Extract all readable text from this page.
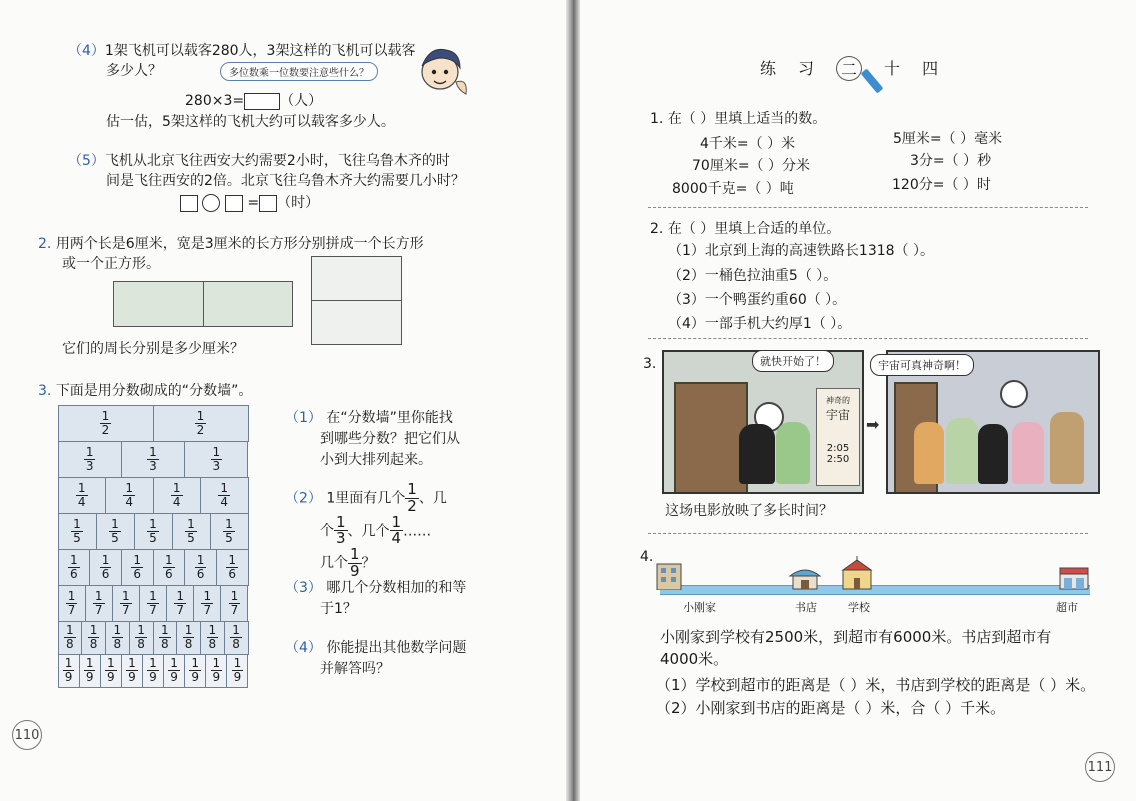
（4）1架飞机可以载客280人，3架这样的飞机可以载客
多少人？	多位数乘一位数要注意些什么？
280×3=	（人）
估一估，5架这样的飞机大约可以载客多少人。
（5）飞机从北京飞往西安大约需要2小时，飞往乌鲁木齐的时
间是飞往西安的2倍。北京飞往乌鲁木齐大约需要几小时？
= （时）
2. 用两个长是6厘米，宽是3厘米的长方形分别拼成一个长方形
或一个正方形。
它们的周长分别是多少厘米？
3. 下面是用分数砌成的“分数墙”。
$\frac{1}{2}$	$\frac{1}{2}$
$\frac{1}{3}$	$\frac{1}{3}$	$\frac{1}{3}$
$\frac{1}{4}$	$\frac{1}{4}$	$\frac{1}{4}$	$\frac{1}{4}$
$\frac{1}{5} \frac{1}{5} \frac{1}{5} \frac{1}{5} \frac{1}{5}$
$\frac{1}{6} \frac{1}{6} \frac{1}{6} \frac{1}{6} \frac{1}{6} \frac{1}{6}$
$\frac{1}{7} \frac{1}{7} \frac{1}{7} \frac{1}{7} \frac{1}{7} \frac{1}{7} \frac{1}{7}$
$\frac{1}{8} \frac{1}{8} \frac{1}{8} \frac{1}{8} \frac{1}{8} \frac{1}{8} \frac{1}{8} \frac{1}{8}$
$\frac{1}{9} \frac{1}{9} \frac{1}{9} \frac{1}{9} \frac{1}{9} \frac{1}{9} \frac{1}{9} \frac{1}{9} \frac{1}{9}$
（1） 在“分数墙”里你能找
到哪些分数？把它们从
小到大排列起来。
（2） 1里面有几个 $\frac{1}{2}$ 、几
个 $\frac{1}{3}$ 、几个 $\frac{1}{4}$ ……
几个 $\frac{1}{9}$ ？
（3） 哪几个分数相加的和等
于1？
（4） 你能提出其他数学问题
并解答吗？
110
练 习	二	十 四
1. 在（ ）里填上适当的数。
4千米=（ ）米	5厘米=（ ）毫米
70厘米=（ ）分米	3分=（ ）秒
8000千克=（ ）吨	120分=（ ）时
2. 在（ ）里填上合适的单位。
（1）北京到上海的高速铁路长1318（ ）。
（2）一桶色拉油重5（ ）。
（3）一个鸭蛋约重60（ ）。
（4）一部手机大约厚1（ ）。
3.
神奇的
宇宙
2:05
2:50
就快开始了！
➡
宇宙可真神奇啊！
这场电影放映了多长时间？
4.
小刚家	书店	学校	超市
小刚家到学校有2500米，到超市有6000米。书店到超市有
4000米。
（1）学校到超市的距离是（ ）米，书店到学校的距离是（ ）米。
（2）小刚家到书店的距离是（ ）米，合（ ）千米。
111
